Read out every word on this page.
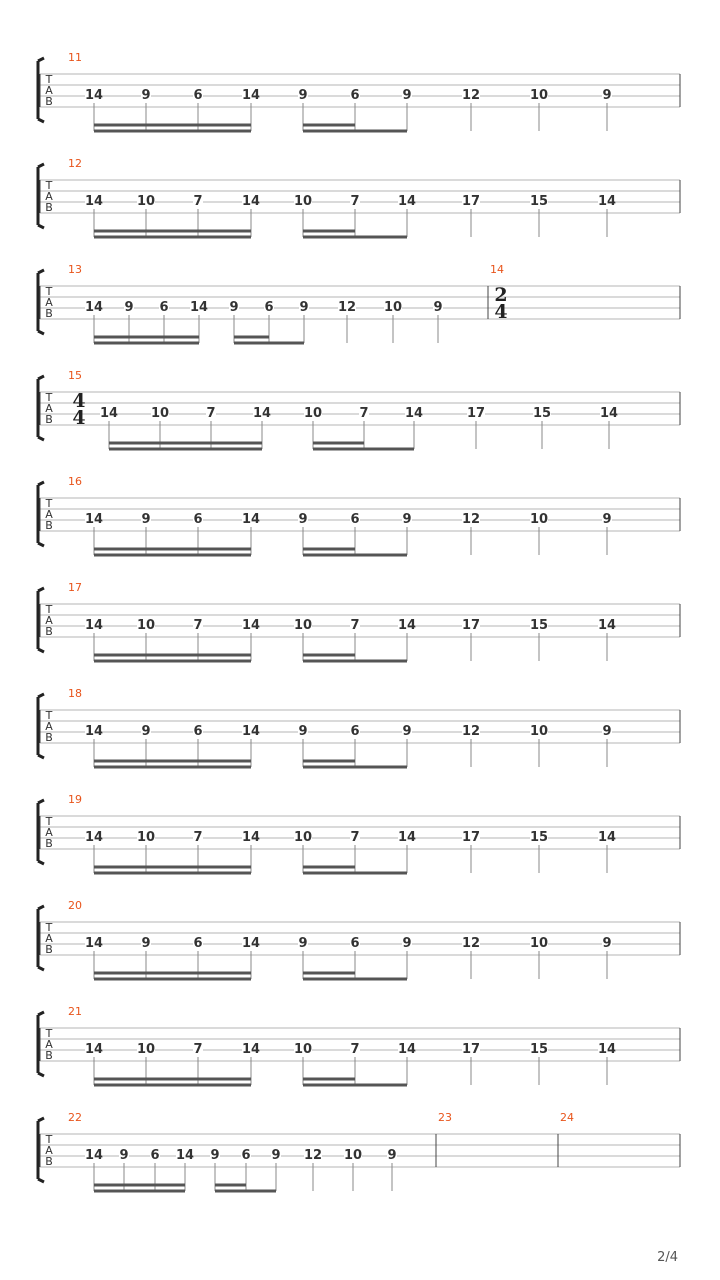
T
A
B
11
14	9	6	14	9	6	9	12	10	9
T
A
B
12
14	10	7	14	10	7	14	17	15	14
T
A
B
13
14 9 6 14 9 6 9 12 10 9
14
2
4
T
A
B
15
4
4 14	10	7	14	10	7	14	17	15	14
T
A
B
16
14	9	6	14	9	6	9	12	10	9
T
A
B
17
14	10	7	14	10	7	14	17	15	14
T
A
B
18
14	9	6	14	9	6	9	12	10	9
T
A
B
19
14	10	7	14	10	7	14	17	15	14
T
A
B
20
14	9	6	14	9	6	9	12	10	9
T
A
B
21
14	10	7	14	10	7	14	17	15	14
T
A
B
22
14 9 6 14 9 6 9 12 10 9
23	24
2/4
